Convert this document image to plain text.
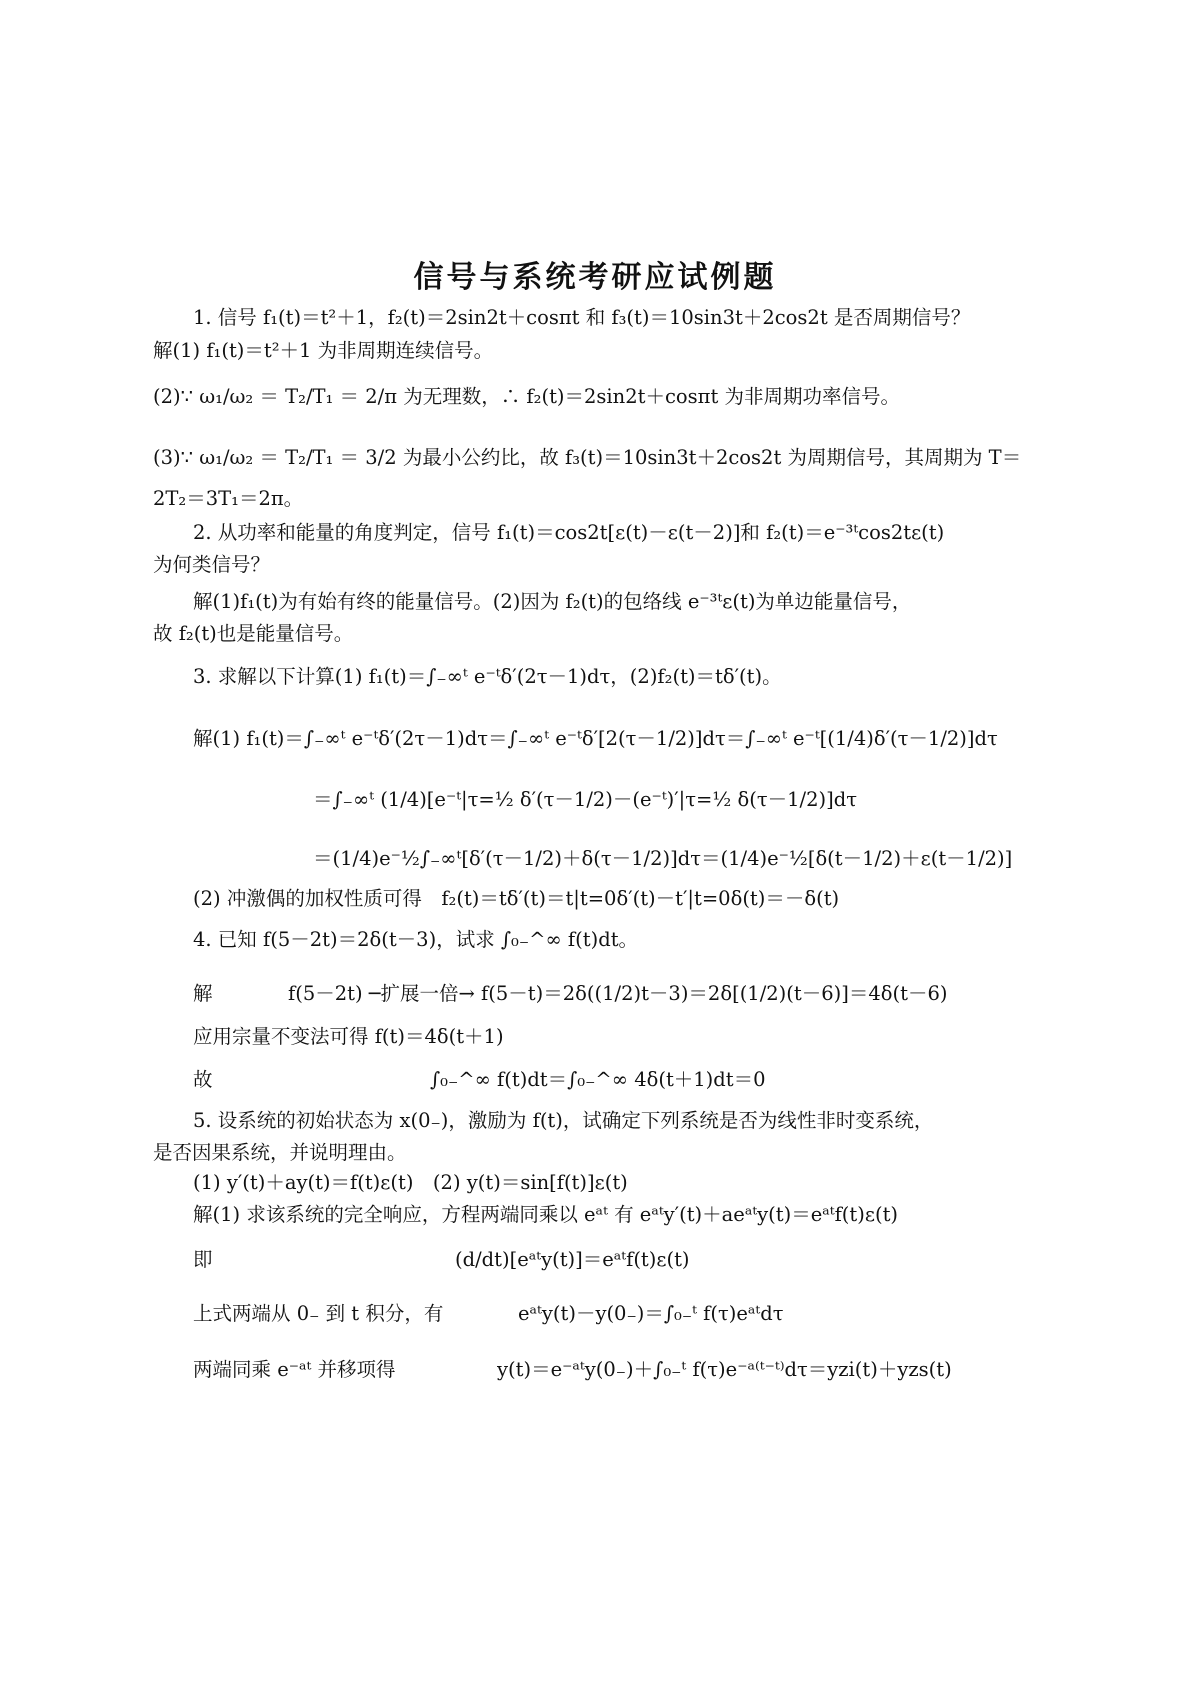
信号与系统考研应试例题
1. 信号 f₁(t)＝t²＋1，f₂(t)＝2sin2t＋cosπt 和 f₃(t)＝10sin3t＋2cos2t 是否周期信号？
解(1) f₁(t)＝t²＋1 为非周期连续信号。
(2)∵ ω₁/ω₂ ＝ T₂/T₁ ＝ 2/π 为无理数，∴ f₂(t)＝2sin2t＋cosπt 为非周期功率信号。
(3)∵ ω₁/ω₂ ＝ T₂/T₁ ＝ 3/2 为最小公约比，故 f₃(t)＝10sin3t＋2cos2t 为周期信号，其周期为 T＝
2T₂＝3T₁＝2π。
2. 从功率和能量的角度判定，信号 f₁(t)＝cos2t[ε(t)－ε(t－2)]和 f₂(t)＝e⁻³ᵗcos2tε(t)
为何类信号？
解(1)f₁(t)为有始有终的能量信号。(2)因为 f₂(t)的包络线 e⁻³ᵗε(t)为单边能量信号，
故 f₂(t)也是能量信号。
3. 求解以下计算(1) f₁(t)＝∫₋∞ᵗ e⁻ᵗδ′(2τ－1)dτ，(2)f₂(t)＝tδ′(t)。
解(1) f₁(t)＝∫₋∞ᵗ e⁻ᵗδ′(2τ－1)dτ＝∫₋∞ᵗ e⁻ᵗδ′[2(τ－1/2)]dτ＝∫₋∞ᵗ e⁻ᵗ[(1/4)δ′(τ－1/2)]dτ
＝∫₋∞ᵗ (1/4)[e⁻ᵗ|τ=½ δ′(τ－1/2)－(e⁻ᵗ)′|τ=½ δ(τ－1/2)]dτ
＝(1/4)e⁻½∫₋∞ᵗ[δ′(τ－1/2)＋δ(τ－1/2)]dτ＝(1/4)e⁻½[δ(t－1/2)＋ε(t－1/2)]
(2) 冲激偶的加权性质可得　f₂(t)＝tδ′(t)＝t|t=0δ′(t)－t′|t=0δ(t)＝－δ(t)
4. 已知 f(5－2t)＝2δ(t－3)，试求 ∫₀₋^∞ f(t)dt。
解	f(5－2t) ─扩展一倍→ f(5－t)＝2δ((1/2)t－3)＝2δ[(1/2)(t－6)]＝4δ(t－6)
应用宗量不变法可得 f(t)＝4δ(t＋1)
故	∫₀₋^∞ f(t)dt＝∫₀₋^∞ 4δ(t＋1)dt＝0
5. 设系统的初始状态为 x(0₋)，激励为 f(t)，试确定下列系统是否为线性非时变系统，
是否因果系统，并说明理由。
(1) y′(t)＋ay(t)＝f(t)ε(t)　(2) y(t)＝sin[f(t)]ε(t)
解(1) 求该系统的完全响应，方程两端同乘以 eᵃᵗ 有 eᵃᵗy′(t)＋aeᵃᵗy(t)＝eᵃᵗf(t)ε(t)
即	(d/dt)[eᵃᵗy(t)]＝eᵃᵗf(t)ε(t)
上式两端从 0₋ 到 t 积分，有	eᵃᵗy(t)－y(0₋)＝∫₀₋ᵗ f(τ)eᵃᵗdτ
两端同乘 e⁻ᵃᵗ 并移项得	y(t)＝e⁻ᵃᵗy(0₋)＋∫₀₋ᵗ f(τ)e⁻ᵃ⁽ᵗ⁻ᵗ⁾dτ＝yzi(t)＋yzs(t)
